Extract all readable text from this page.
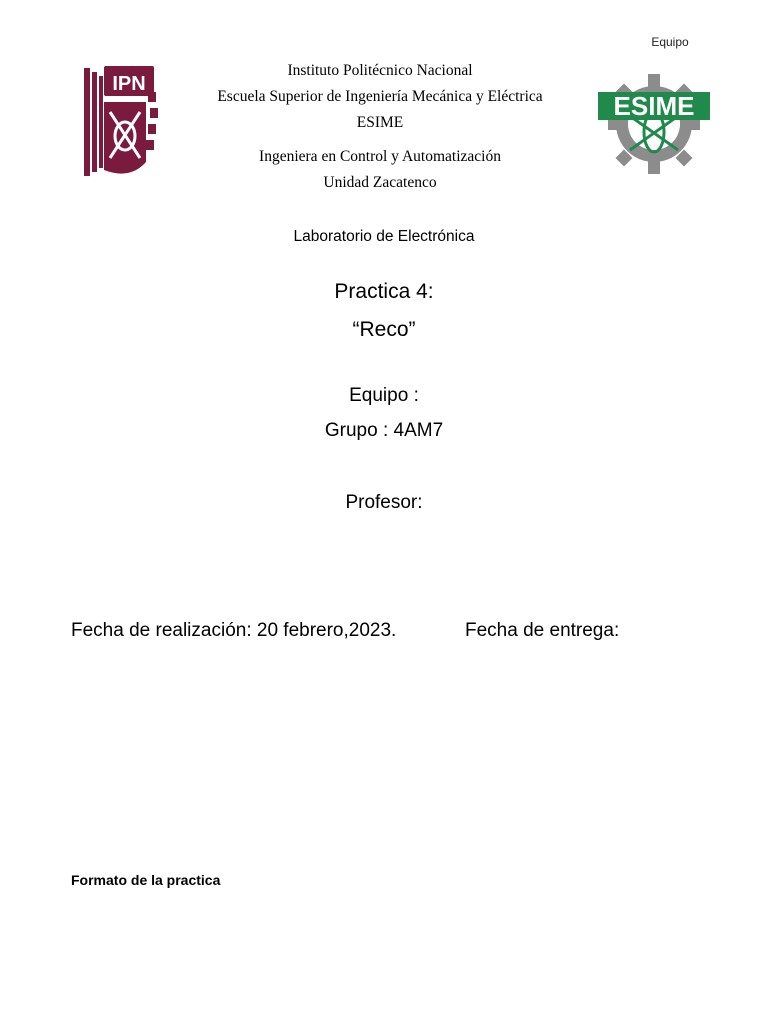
Equipo
IPN
ESIME
Instituto Politécnico Nacional
Escuela Superior de Ingeniería Mecánica y Eléctrica
ESIME
Ingeniera en Control y Automatización
Unidad Zacatenco
Laboratorio de Electrónica
Practica 4:
“Reco”
Equipo :
Grupo : 4AM7
Profesor:
Fecha de realización: 20 febrero,2023.	Fecha de entrega:
Formato de la practica
